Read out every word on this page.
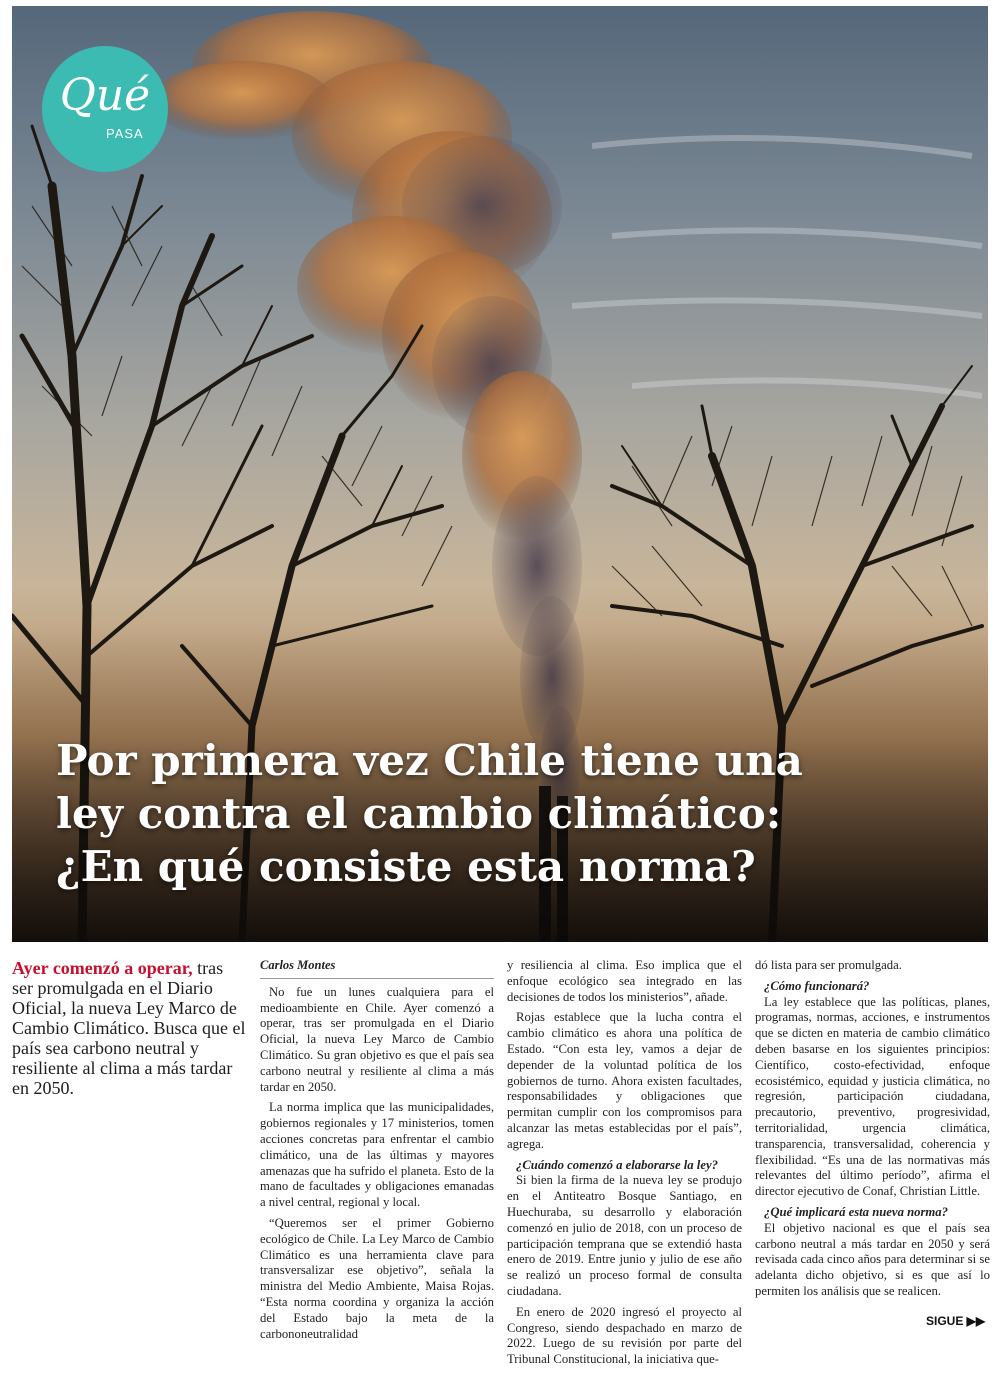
Qué
PASA
Por primera vez Chile tiene una
ley contra el cambio climático:
¿En qué consiste esta norma?
Ayer comenzó a operar, tras ser promulgada en el Diario Oficial, la nueva Ley Marco de Cambio Climático. Busca que el país sea carbono neutral y resiliente al clima a más tardar en 2050.
Carlos Montes

No fue un lunes cualquiera para el medioambiente en Chile. Ayer comenzó a operar, tras ser promulgada en el Diario Oficial, la nueva Ley Marco de Cambio Climático. Su gran objetivo es que el país sea carbono neutral y resiliente al clima a más tardar en 2050.

La norma implica que las municipalidades, gobiernos regionales y 17 ministerios, tomen acciones concretas para enfrentar el cambio climático, una de las últimas y mayores amenazas que ha sufrido el planeta. Esto de la mano de facultades y obligaciones emanadas a nivel central, regional y local.

“Queremos ser el primer Gobierno ecológico de Chile. La Ley Marco de Cambio Climático es una herramienta clave para transversalizar ese objetivo”, señala la ministra del Medio Ambiente, Maisa Rojas. “Esta norma coordina y organiza la acción del Estado bajo la meta de la carbononeutralidad

y resiliencia al clima. Eso implica que el enfoque ecológico sea integrado en las decisiones de todos los ministerios”, añade.

Rojas establece que la lucha contra el cambio climático es ahora una política de Estado. “Con esta ley, vamos a dejar de depender de la voluntad política de los gobiernos de turno. Ahora existen facultades, responsabilidades y obligaciones que permitan cumplir con los compromisos para alcanzar las metas establecidas por el país”, agrega.

¿Cuándo comenzó a elaborarse la ley?

Si bien la firma de la nueva ley se produjo en el Antiteatro Bosque Santiago, en Huechuraba, su desarrollo y elaboración comenzó en julio de 2018, con un proceso de participación temprana que se extendió hasta enero de 2019. Entre junio y julio de ese año se realizó un proceso formal de consulta ciudadana.

En enero de 2020 ingresó el proyecto al Congreso, siendo despachado en marzo de 2022. Luego de su revisión por parte del Tribunal Constitucional, la iniciativa que-

dó lista para ser promulgada.

¿Cómo funcionará?

La ley establece que las políticas, planes, programas, normas, acciones, e instrumentos que se dicten en materia de cambio climático deben basarse en los siguientes principios: Científico, costo-efectividad, enfoque ecosistémico, equidad y justicia climática, no regresión, participación ciudadana, precautorio, preventivo, progresividad, territorialidad, urgencia climática, transparencia, transversalidad, coherencia y flexibilidad. “Es una de las normativas más relevantes del último período”, afirma el director ejecutivo de Conaf, Christian Little.

¿Qué implicará esta nueva norma?

El objetivo nacional es que el país sea carbono neutral a más tardar en 2050 y será revisada cada cinco años para determinar si se adelanta dicho objetivo, si es que así lo permiten los análisis que se realicen.

SIGUE ▶▶
